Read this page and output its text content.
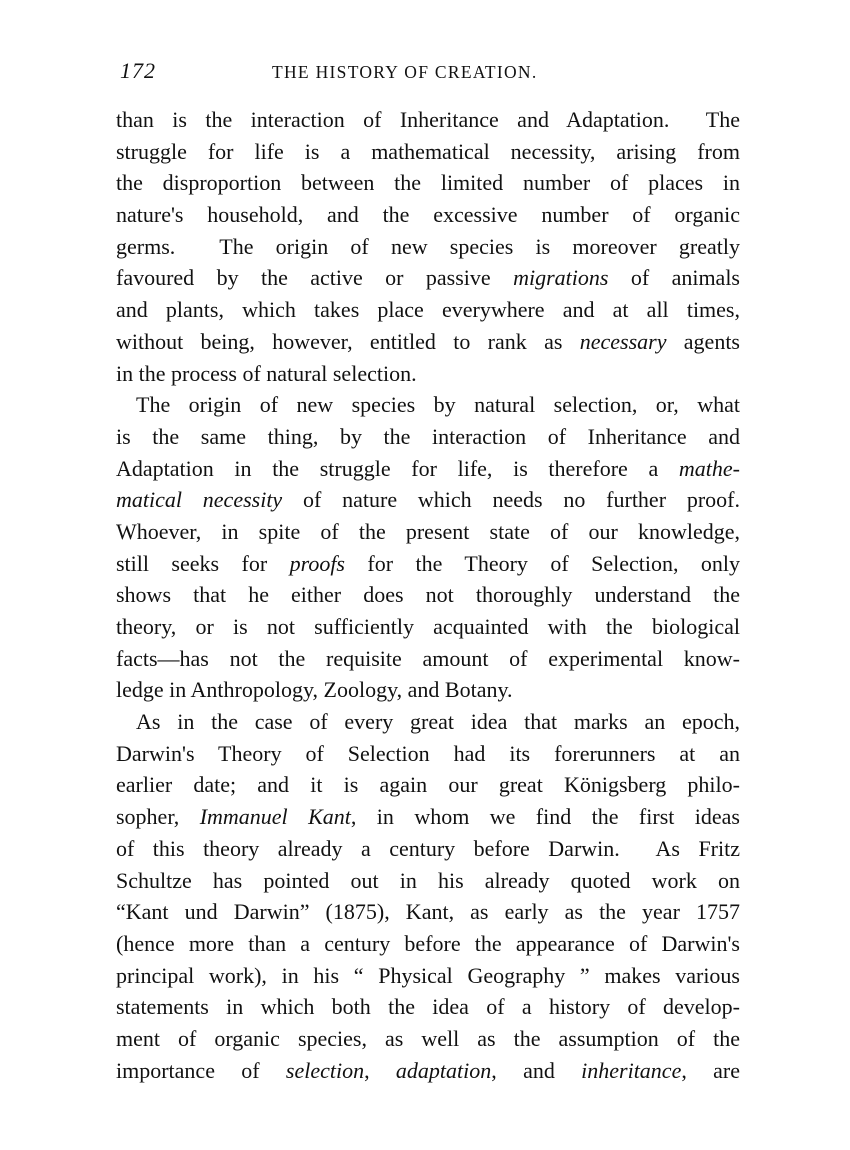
172	THE HISTORY OF CREATION.
than is the interaction of Inheritance and Adaptation.  The
struggle for life is a mathematical necessity, arising from
the disproportion between the limited number of places in
nature's household, and the excessive number of organic
germs.  The origin of new species is moreover greatly
favoured by the active or passive migrations of animals
and plants, which takes place everywhere and at all times,
without being, however, entitled to rank as necessary agents
in the process of natural selection.
The origin of new species by natural selection, or, what
is the same thing, by the interaction of Inheritance and
Adaptation in the struggle for life, is therefore a mathe-
matical necessity of nature which needs no further proof.
Whoever, in spite of the present state of our knowledge,
still seeks for proofs for the Theory of Selection, only
shows that he either does not thoroughly understand the
theory, or is not sufficiently acquainted with the biological
facts—has not the requisite amount of experimental know-
ledge in Anthropology, Zoology, and Botany.
As in the case of every great idea that marks an epoch,
Darwin's Theory of Selection had its forerunners at an
earlier date; and it is again our great Königsberg philo-
sopher, Immanuel Kant, in whom we find the first ideas
of this theory already a century before Darwin.  As Fritz
Schultze has pointed out in his already quoted work on
“Kant und Darwin” (1875), Kant, as early as the year 1757
(hence more than a century before the appearance of Darwin's
principal work), in his “ Physical Geography ” makes various
statements in which both the idea of a history of develop-
ment of organic species, as well as the assumption of the
importance of selection, adaptation, and inheritance, are
